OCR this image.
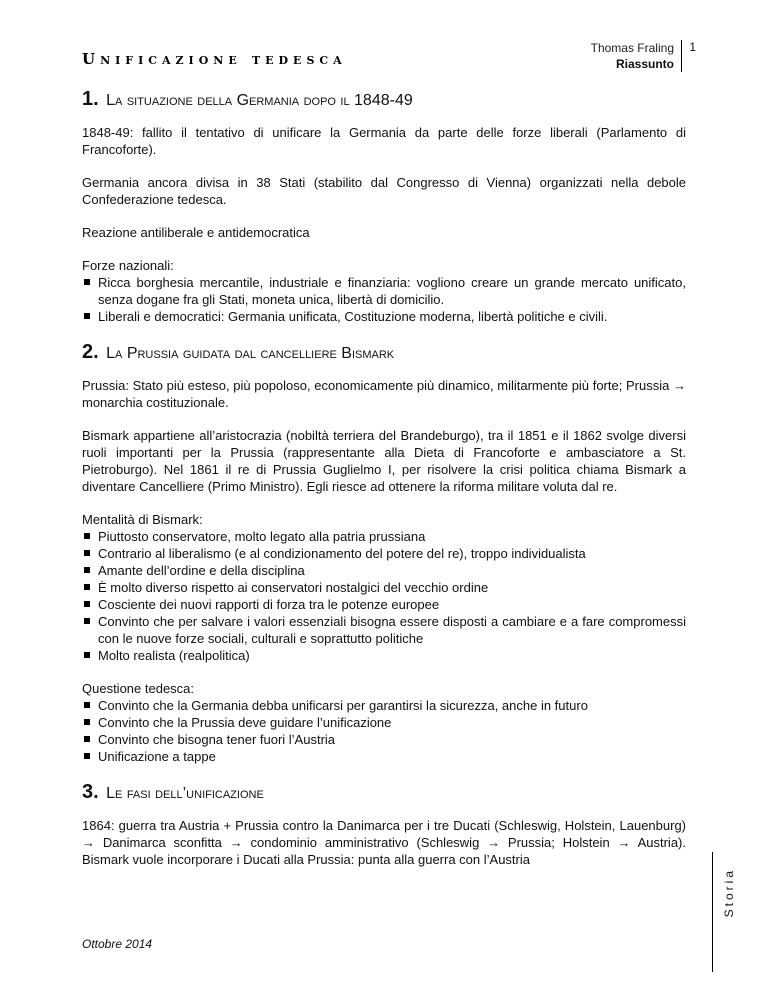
Unificazione tedesca
Thomas Fraling
Riassunto
1
1. La situazione della Germania dopo il 1848-49

1848-49: fallito il tentativo di unificare la Germania da parte delle forze liberali (Parlamento di Francoforte).

Germania ancora divisa in 38 Stati (stabilito dal Congresso di Vienna) organizzati nella debole Confederazione tedesca.

Reazione antiliberale e antidemocratica

Forze nazionali:
Ricca borghesia mercantile, industriale e finanziaria: vogliono creare un grande mercato unificato, senza dogane fra gli Stati, moneta unica, libertà di domicilio.
Liberali e democratici: Germania unificata, Costituzione moderna, libertà politiche e civili.
2. La Prussia guidata dal cancelliere Bismark

Prussia: Stato più esteso, più popoloso, economicamente più dinamico, militarmente più forte; Prussia → monarchia costituzionale.

Bismark appartiene all’aristocrazia (nobiltà terriera del Brandeburgo), tra il 1851 e il 1862 svolge diversi ruoli importanti per la Prussia (rappresentante alla Dieta di Francoforte e ambasciatore a St. Pietroburgo). Nel 1861 il re di Prussia Guglielmo I, per risolvere la crisi politica chiama Bismark a diventare Cancelliere (Primo Ministro). Egli riesce ad ottenere la riforma militare voluta dal re.

Mentalità di Bismark:
Piuttosto conservatore, molto legato alla patria prussiana
Contrario al liberalismo (e al condizionamento del potere del re), troppo individualista
Amante dell’ordine e della disciplina
È molto diverso rispetto ai conservatori nostalgici del vecchio ordine
Cosciente dei nuovi rapporti di forza tra le potenze europee
Convinto che per salvare i valori essenziali bisogna essere disposti a cambiare e a fare compromessi con le nuove forze sociali, culturali e soprattutto politiche
Molto realista (realpolitica)
Questione tedesca:
Convinto che la Germania debba unificarsi per garantirsi la sicurezza, anche in futuro
Convinto che la Prussia deve guidare l’unificazione
Convinto che bisogna tener fuori l’Austria
Unificazione a tappe
3. Le fasi dell’unificazione

1864: guerra tra Austria + Prussia contro la Danimarca per i tre Ducati (Schleswig, Holstein, Lauenburg) → Danimarca sconfitta → condominio amministrativo (Schleswig → Prussia; Holstein → Austria). Bismark vuole incorporare i Ducati alla Prussia: punta alla guerra con l’Austria

Ottobre 2014
Storia
